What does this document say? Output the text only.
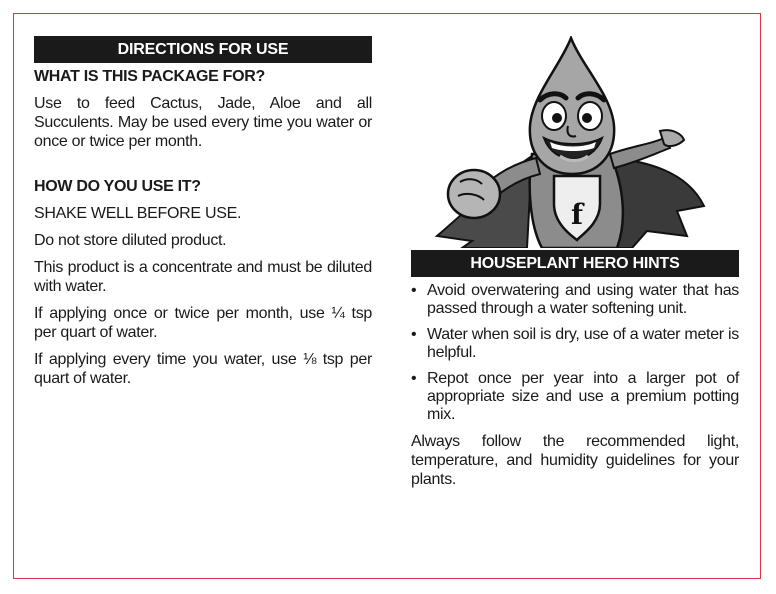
DIRECTIONS FOR USE
WHAT IS THIS PACKAGE FOR?
Use to feed Cactus, Jade, Aloe and all Succulents. May be used every time you water or once or twice per month.
HOW DO YOU USE IT?
SHAKE WELL BEFORE USE.
Do not store diluted product.
This product is a concentrate and must be diluted with water.
If applying once or twice per month, use ¼ tsp per quart of water.
If applying every time you water, use ⅛ tsp per quart of water.
f
HOUSEPLANT HERO HINTS
• Avoid overwatering and using water that has passed through a water softening unit.
• Water when soil is dry, use of a water meter is helpful.
• Repot once per year into a larger pot of appropriate size and use a premium potting mix.
Always follow the recommended light, temperature, and humidity guidelines for your plants.
